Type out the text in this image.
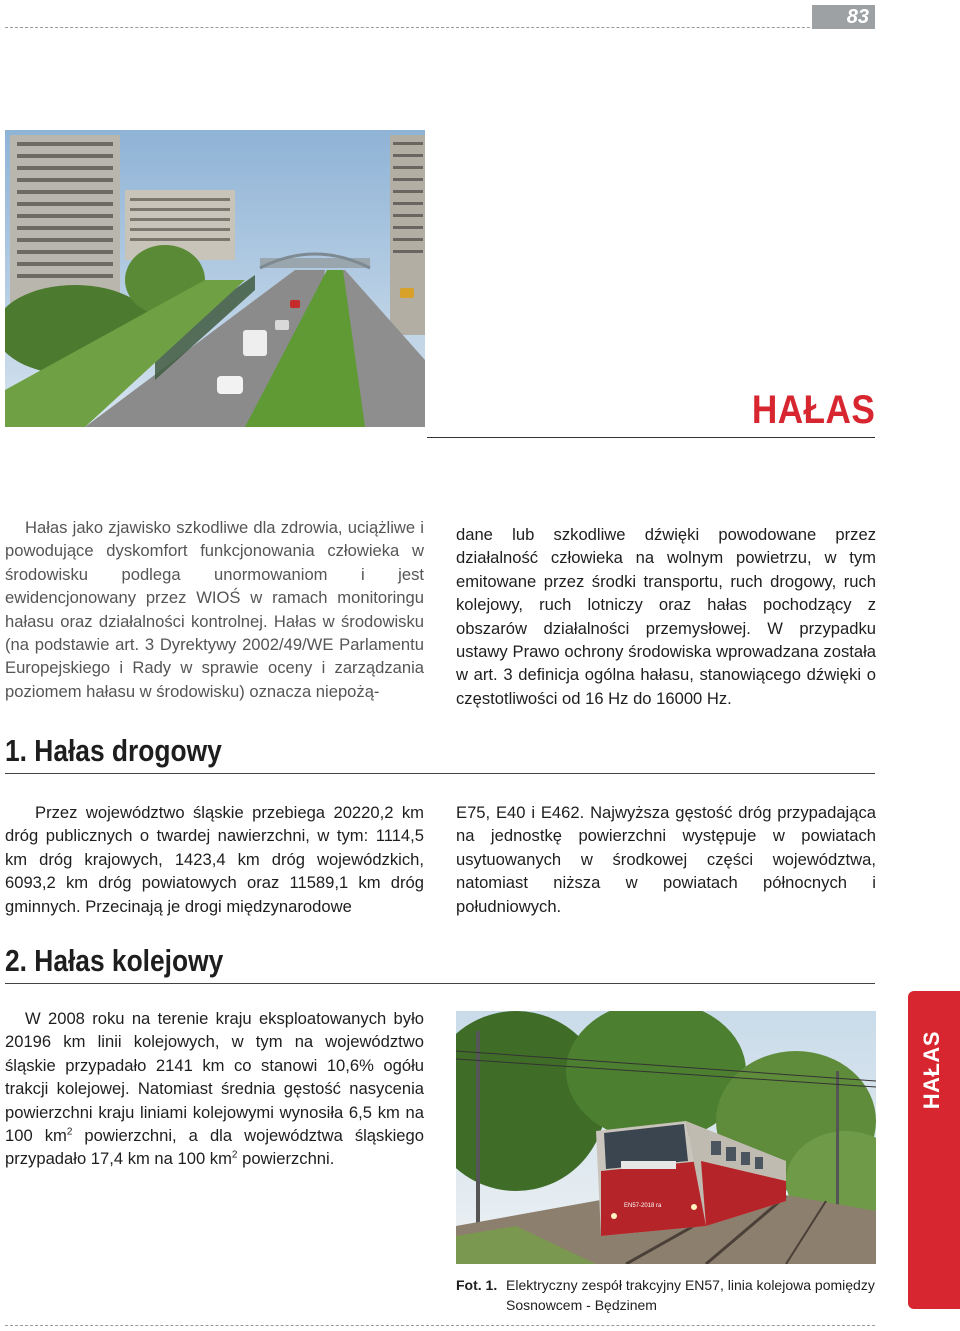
83
HAŁAS

Hałas jako zjawisko szkodliwe dla zdrowia, uciążliwe i powodujące dyskomfort funkcjonowania człowieka w środowisku podlega unormowaniom i jest ewidencjonowany przez WIOŚ w ramach monitoringu hałasu oraz działalności kontrolnej. Hałas w środowisku (na podstawie art. 3 Dyrektywy 2002/49/WE Parlamentu Europejskiego i Rady w sprawie oceny i zarządzania poziomem hałasu w środowisku) oznacza niepożą-

dane lub szkodliwe dźwięki powodowane przez działalność człowieka na wolnym powietrzu, w tym emitowane przez środki transportu, ruch drogowy, ruch kolejowy, ruch lotniczy oraz hałas pochodzący z obszarów działalności przemysłowej. W przypadku ustawy Prawo ochrony środowiska wprowadzana została w art. 3 definicja ogólna hałasu, stanowiącego dźwięki o częstotliwości od 16 Hz do 16000 Hz.

1. Hałas drogowy

Przez województwo śląskie przebiega 20220,2 km dróg publicznych o twardej nawierzchni, w tym: 1114,5 km dróg krajowych, 1423,4 km dróg wojewódzkich, 6093,2 km dróg powiatowych oraz 11589,1 km dróg gminnych. Przecinają je drogi międzynarodowe

E75, E40 i E462. Najwyższa gęstość dróg przypadająca na jednostkę powierzchni występuje w powiatach usytuowanych w środkowej części województwa, natomiast niższa w powiatach północnych i południowych.

2. Hałas kolejowy

W 2008 roku na terenie kraju eksploatowanych było 20196 km linii kolejowych, w tym na województwo śląskie przypadało 2141 km co stanowi 10,6% ogółu trakcji kolejowej. Natomiast średnia gęstość nasycenia powierzchni kraju liniami kolejowymi wynosiła 6,5 km na 100 $km^2$ powierzchni, a dla województwa śląskiego przypadało 17,4 km na 100 $km^2$ powierzchni.

EN57-2018 ra
Fot. 1. Elektryczny zespół trakcyjny EN57, linia kolejowa pomiędzy Sosnowcem - Będzinem
HAŁAS
